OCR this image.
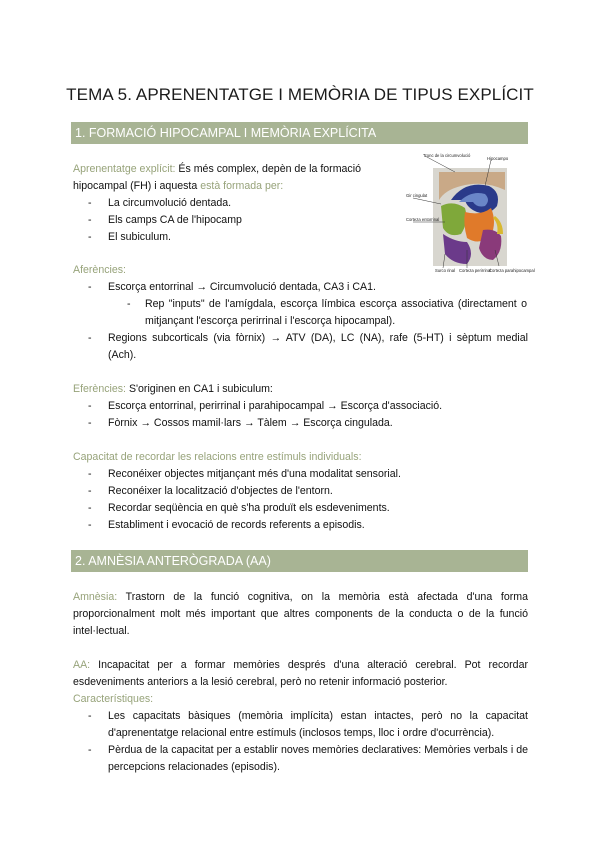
TEMA 5. APRENENTATGE I MEMÒRIA DE TIPUS EXPLÍCIT
1. FORMACIÓ HIPOCAMPAL I MEMÒRIA EXPLÍCITA
Aprenentatge explícit: És més complex, depèn de la formació
hipocampal (FH) i aquesta està formada per:
- La circumvolució dentada.
- Els camps CA de l'hipocamp
- El subiculum.
Tronc de la circumvolució
Hipocampo
Gir cingulat
Corteza entorrinal
Surco rinal Corteza perirrinal
Corteza parahipocampal
Aferències:
- Escorça entorrinal → Circumvolució dentada, CA3 i CA1.
- Rep "inputs" de l'amígdala, escorça límbica escorça associativa (directament o mitjançant l'escorça perirrinal i l'escorça hipocampal).
- Regions subcorticals (via fòrnix) → ATV (DA), LC (NA), rafe (5-HT) i sèptum medial (Ach).
Eferències: S'originen en CA1 i subiculum:
- Escorça entorrinal, perirrinal i parahipocampal → Escorça d'associació.
- Fòrnix → Cossos mamil·lars → Tàlem → Escorça cingulada.
Capacitat de recordar les relacions entre estímuls individuals:
- Reconéixer objectes mitjançant més d'una modalitat sensorial.
- Reconéixer la localització d'objectes de l'entorn.
- Recordar seqüència en què s'ha produït els esdeveniments.
- Establiment i evocació de records referents a episodis.
2. AMNÈSIA ANTERÒGRADA (AA)
Amnèsia: Trastorn de la funció cognitiva, on la memòria està afectada d'una forma proporcionalment molt més important que altres components de la conducta o de la funció intel·lectual.
AA: Incapacitat per a formar memòries després d'una alteració cerebral. Pot recordar esdeveniments anteriors a la lesió cerebral, però no retenir informació posterior.
Característiques:
- Les capacitats bàsiques (memòria implícita) estan intactes, però no la capacitat d'aprenentatge relacional entre estímuls (inclosos temps, lloc i ordre d'ocurrència).
- Pèrdua de la capacitat per a establir noves memòries declaratives: Memòries verbals i de percepcions relacionades (episodis).
